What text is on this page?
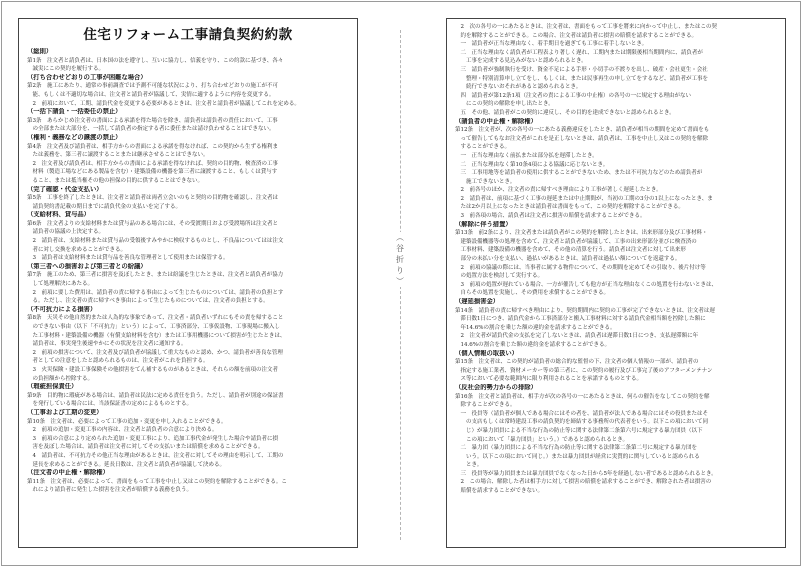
住宅リフォーム工事請負契約約款
（総則）
第1条　注文者と請負者は、日本国の法を遵守し、互いに協力し、信義を守り、この約款に基づき、各々
　誠実にこの契約を履行する。
（打ち合わせどおりの工事が困難な場合）
第2条　施工にあたり、通常の事前調査では予測不可能な状況により、打ち合わせどおりの施工が不可
　能、もしくは不適切な場合は、注文者と請負者が協議して、実情に適するように内容を変更する。
　2　前項において、工期、請負代金を変更する必要があるときは、注文者と請負者が協議してこれを定める。
（一括下請負・一括委任の禁止）
第3条　あらかじめ注文者の書面による承諾を得た場合を除き、請負者は請負者の責任において、工事
　の全部または大部分を、一括して請負者の指定する者に委任または請け負わせることはできない。
（権利・義務などの譲渡の禁止）
第4条　注文者及び請負者は、相手方からの書面による承諾を得なければ、この契約から生ずる権利ま
　たは義務を、第三者に譲渡することまたは継承させることはできない。
　2　注文者及び請負者は、相手方からの書面による承諾を得なければ、契約の目的物、検査済の工事
　材料（製造工場などにある製品を含む）・建築設備の機器を第三者に譲渡すること、もしくは貸与す
　ること、または抵当権その他の担保の目的に供することはできない。
（完了確認・代金支払い）
第5条　工事を終了したときは、注文者と請負者は両者立会いのもと契約の目的物を確認し、注文者は
　請負契約書記載の期日までに請負代金の支払いを完了する。
（支給材料、貸与品）
第6条　注文者よりの支給材料または貸与品のある場合には、その受渡期日および受渡場所は注文者と
　請負者の協議の上決定する。
　2　請負者は、支給材料または貸与品の受領後すみやかに検収するものとし、不良品についてはは注文
　者に対し交換を求めることができる。
　3　請負者は支給材料または貸与品を善良な管理者として使用または保管する。
（第三者への損害および第三者との紛議）
第7条　施工のため、第三者に損害を及ぼしたとき、または紛議を生じたときは、注文者と請負者が協力
　して処理解決にあたる。
　2　前項に要した費用は、請負者の責に帰する事由によって生じたものについては、請負者の負担とす
　る。ただし、注文者の責に帰すべき事由によって生じたものについては、注文者の負担とする。
（不可抗力による損害）
第8条　天災その他自然的または人為的な事象であって、注文者・請負者いずれにもその責を帰すること
　のできない事由（以下「不可抗力」という）によって、工事済部分、工事仮設物、工事現場に搬入し
　た工事材料・建築設備の機器（有償支給材料を含む）または工事用機器について損害が生じたときは、
　請負者は、事実発生後速やかにその状況を注文者に通知する。
　2　前項の損害について、注文者及び請負者が協議して重大なものと認め、かつ、請負者が善良な管理
　者としての注意をしたと認められるものは、注文者がこれを負担する。
　3　火災保険・建設工事保険その他損害をてん補するものがあるときは、それらの額を前項の注文者
　の負担額から控除する。
（瑕疵担保責任）
第9条　目的物に瑕疵がある場合は、請負者は民法に定める責任を負う。ただし、請負者が別途の保証書
　を発行している場合には、当該保証書の定めによるものとする。
（工事および工期の変更）
第10条　注文者は、必要によって工事の追加・変更を申し入れることができる。
　2　前項の追加・変更工事の内容は、注文者と請負者の合意により決める。
　3　前項の合意により定められた追加・変更工事により、追加工事代金が発生した場合や請負者に損
　害を及ぼした場合は、請負者は注文者に対してその支払いまたは賠償を求めることができる。
　4　請負者は、不可抗力その他正当な理由があるときは、注文者に対してその理由を明示して、工期の
　延長を求めることができる。延長日数は、注文者と請負者が協議して決める。
（注文者の中止権・解除権）
第11条　注文者は、必要によって、書面をもって工事を中止し又はこの契約を解除することができる。こ
　れにより請負者に発生した損害を注文者が賠償する義務を負う。
︵
谷
折
り
︶
　2　次の各号の一にあたるときは、注文者は、書面をもって工事を將来に向かって中止し、またはこの契
　約を解除することができる。この場合、注文者は請負者に損害の賠償を請求することができる。
　一　請負者が正当な理由なく、着手期日を過ぎても工事に着手しないとき。
　二　正当な理由なく請負者が工程表より著しく遅れ、工期内または期限後相当期間内に、請負者が
　　工事を完成する見込みがないと認められるとき。
　三　請負者が強制執行を受け、資金不足による手形・小切手の不渡りを出し、破産・会社更生・会社
　　整理・特別清算申し立てをし、もしくは、または民事再生の申し立てをするなど、請負者が工事を
　　続行できないおそれがあると認められるとき。
　四　請負者が第12条1項（注文者の責による工事の中止権）の各号の一に規定する理由がない
　　にこの契約の解除を申し出たとき。
　五　その他、請負者がこの契約に違反し、その目的を達成できないと認められるとき。
（請負者の中止権・解除権）
第12条　注文者が、次の各号の一にあたる義務違反をしたとき、請負者が相当の期間を定めて書面をも
　って催告してもなお注文者がこれを是正しないときは、請負者は、工事を中止し又はこの契約を解除
　することができる。
　一　正当な理由なく前払または部分払を遅滞したとき。
　二　正当な理由なく第10条4項による協議に応じないとき。
　三　工事用地等を請負者の使用に供することができないため、または不可抗力などのため請負者が
　　施工できないとき。
　2　前各号のほか、注文者の責に帰すべき理由により工事が著しく遅延したとき。
　2　請負者は、前項に基づく工事の遅延または中止期間が、当初の工期の3分の1以上になったとき、ま
　たは2か月以上になったときは請負者は書面をもって、この契約を解除することができる。
　3　前各項の場合、請負者は注文者に損害の賠償を請求することができる。
（解除に伴う措置）
第13条　前2条により、注文者または請負者がこの契約を解除したときは、出来形部分及び工事材料・
　建築設備機器等の処理を含めて、注文者と請負者が協議して、工事の出来形部分並びに検査済の
　工事材料、建築設備の機器を含めて、その他の清算を行う。請負者は注文者に対して出来形
　部分の未払い分を支払い、過払いがあるときは、請負者は過払い額についてを返還する。
　2　前項の協議の際には、当事者に属する物件について、その期間を定めてその引取り、後片付け等
　の処置方法を検討して実行する。
　3　前項の処置が遅れている場合、一方が催告しても他方が正当な理由なくこの処置を行わないときは、
　自らその処置を実施し、その費用を求償することができる。
（遅延損害金）
第14条　請負者の責に帰すべき理由により、契約期間内に契約の工事が完了できないときは、注文者は遅
　滞日数1日につき、請負代金から工事済部分と搬入工事材料に対する請負代金相当額を控除した額に
　年14.6%の割合を乗じた額の違約金を請求することができる。
　2　注文者が請負代金の支払を完了しないときは、請負者は遅滞日数1日につき、支払遅滞額に年
　14.6%の割合を乗じた額の違約金を請求することができる。
（個人情報の取扱い）
第15条　注文者は、この契約が請負者の総合的な監督の下、注文者の個人情報の一部が、請負者の
　指定する施工業者、資材メーカー等の第三者に、この契約の履行及び工事完了後のアフターメンテナン
　ス等において必要な範囲内に限り利用されることを承諾するものとする。
（反社会的勢力からの排除）
第16条　注文者と請負者は、相手方が次の各号の一にあたるときは、何らの催告をなしてこの契約を解
　除することができる。
　一　役員等（請負者が個人である場合にはその者を、請負者が法人である場合にはその役員またはそ
　　の支店もしくは常時建設工事の請負契約を締結する事務所の代表者をいう。以下この項において同
　　じ）が暴力団員による不当な行為の防止等に関する法律第二条第六号に規定する暴力団員（以下
　　この項において「暴力団員」という。）であると認められるとき。
　二　暴力団（暴力団員による不当な行為の防止等に関する法律第二条第二号に規定する暴力団を
　　いう。以下この項において同じ。）または暴力団員が経営に実質的に関与していると認められる
　　とき。
　三　役員等が暴力団員または暴力団員でなくなった日から5年を経過しない者であると認められるとき。
　2　この場合、解除した者は相手方に対して損害の賠償を請求することができ、解除された者は損害の
　賠償を請求することができない。
